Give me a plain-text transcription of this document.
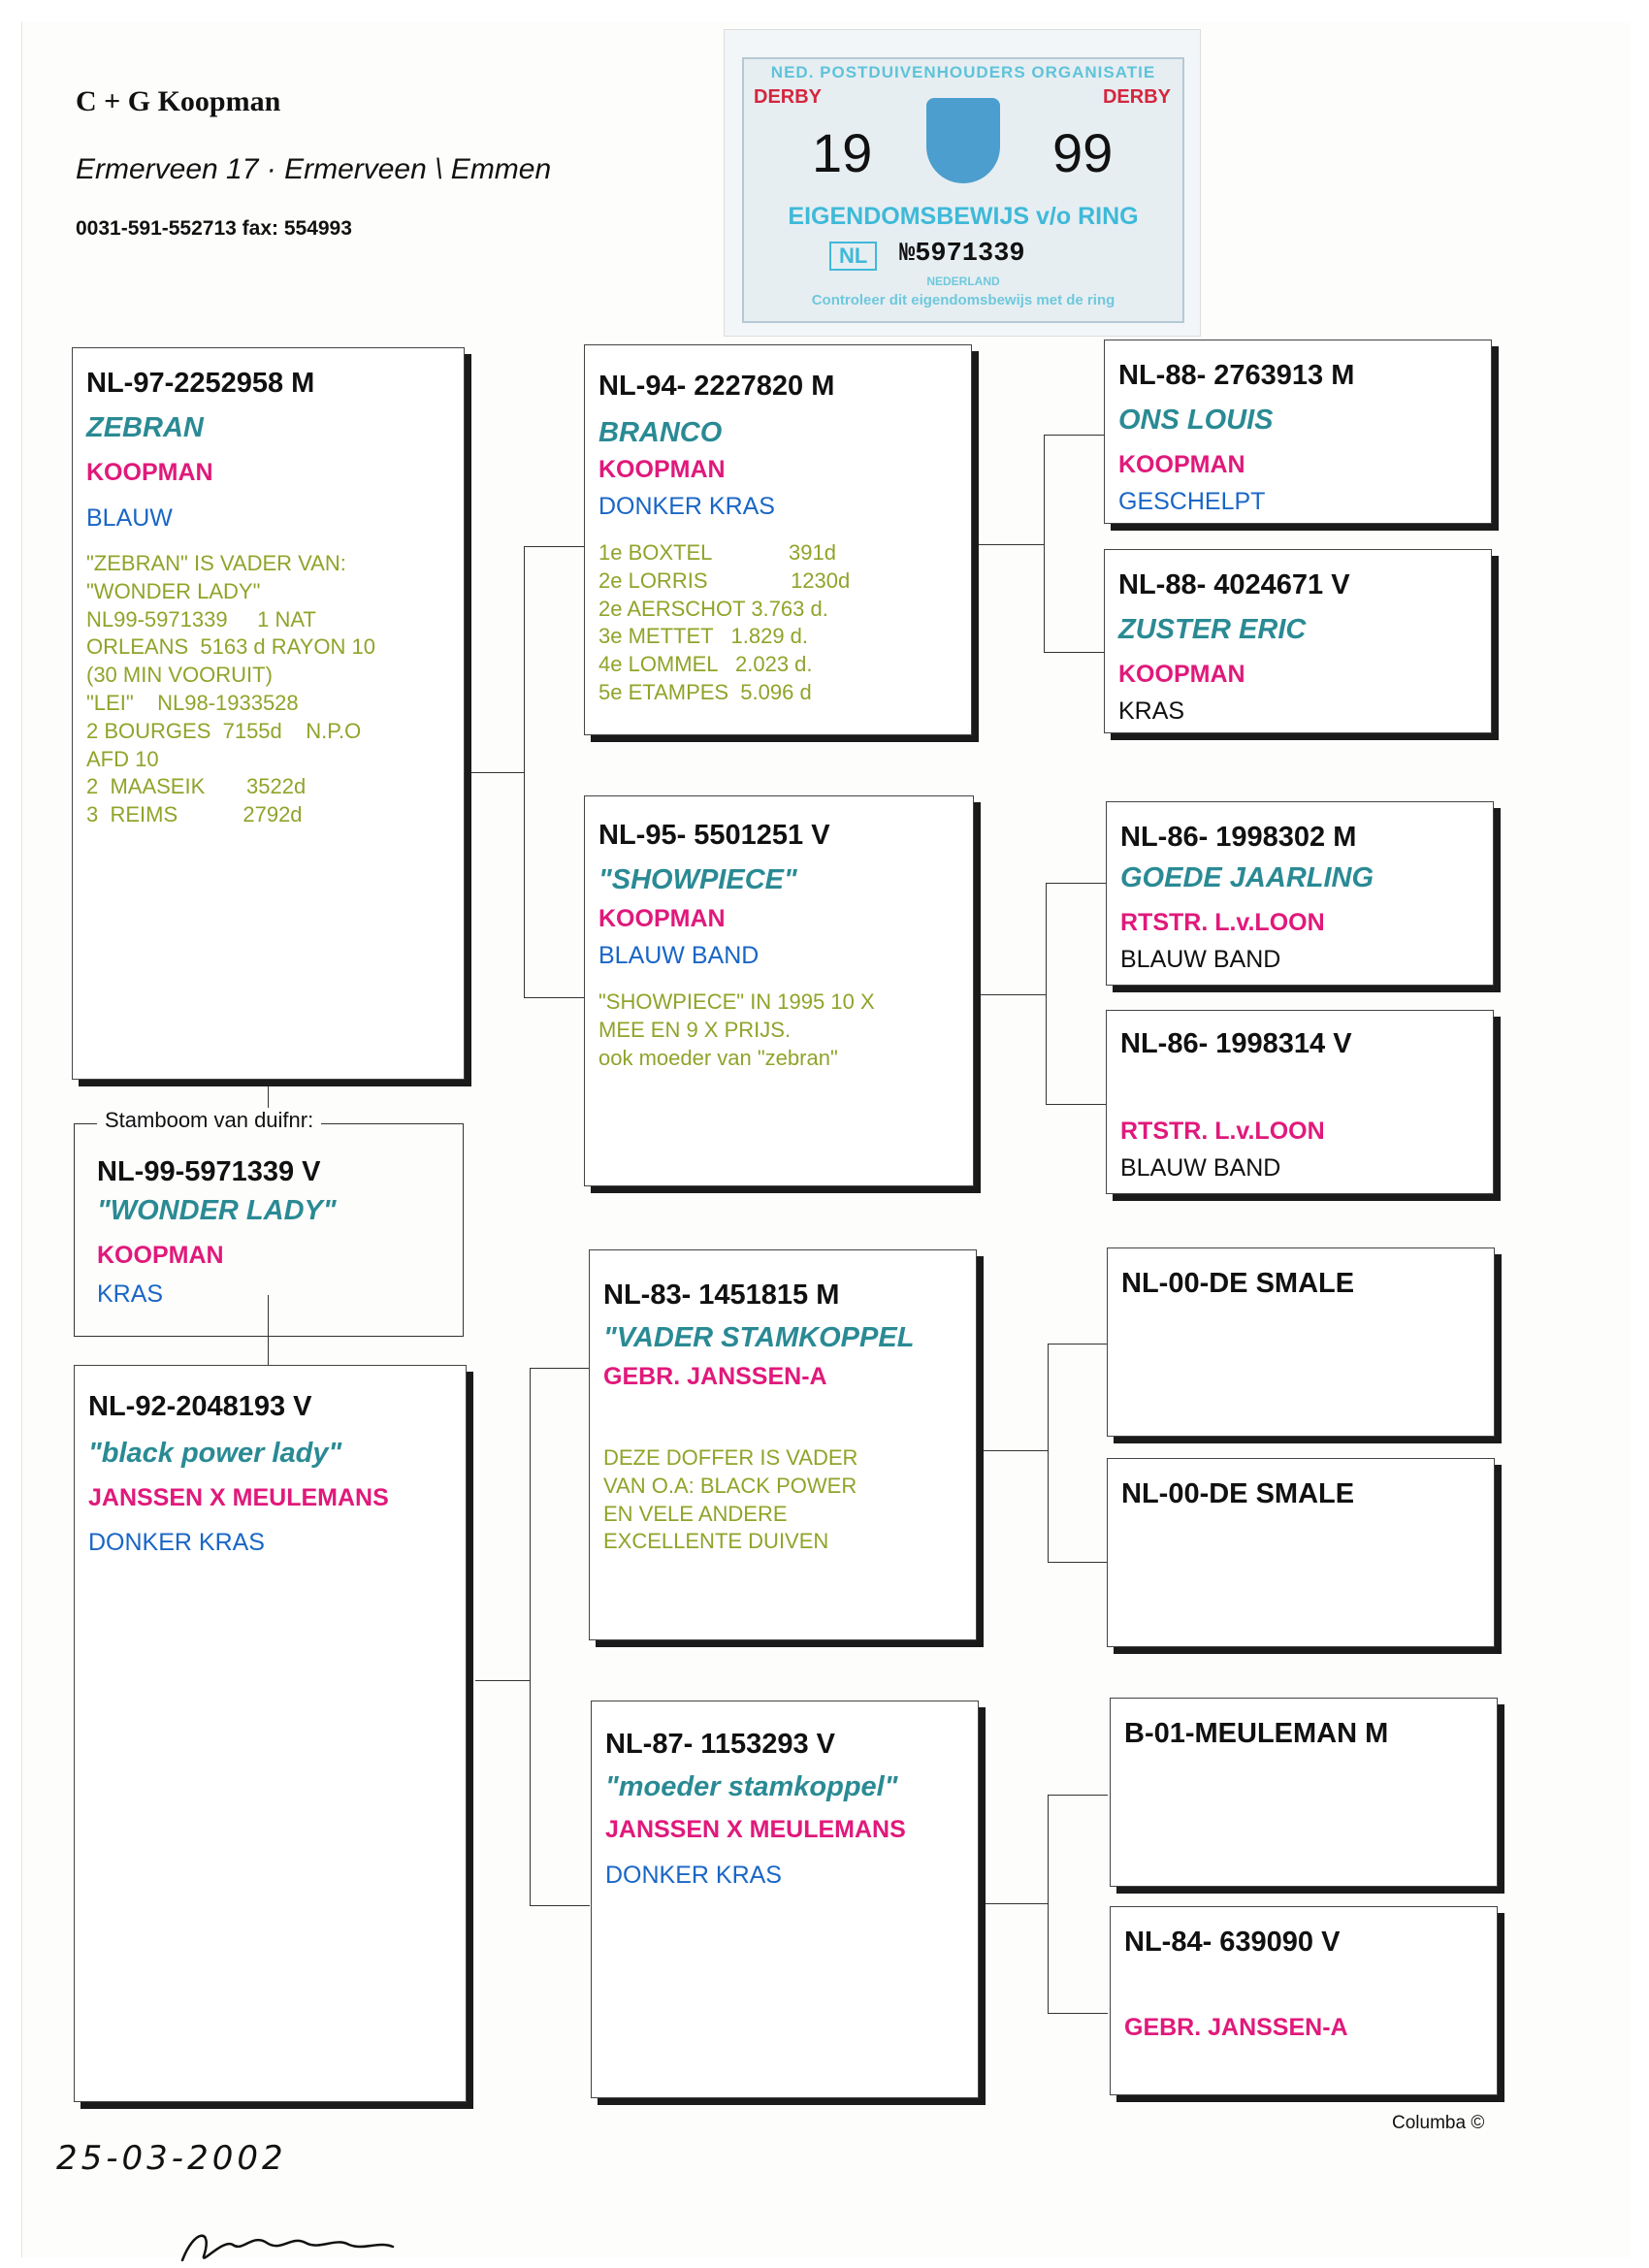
C + G Koopman
Ermerveen 17 · Ermerveen \ Emmen
0031-591-552713 fax: 554993
NED. POSTDUIVENHOUDERS ORGANISATIE
DERBY	DERBY
19	99
EIGENDOMSBEWIJS v/o RING
NL	№5971339
NEDERLAND
Controleer dit eigendomsbewijs met de ring
NL-97-2252958 M
ZEBRAN
KOOPMAN
BLAUW
"ZEBRAN" IS VADER VAN:
"WONDER LADY"
NL99-5971339     1 NAT
ORLEANS  5163 d RAYON 10
(30 MIN VOORUIT)
"LEI"    NL98-1933528
2 BOURGES  7155d    N.P.O
AFD 10
2  MAASEIK       3522d
3  REIMS           2792d
Stamboom van duifnr:
NL-99-5971339 V
"WONDER LADY"
KOOPMAN
KRAS
NL-92-2048193 V
"black power lady"
JANSSEN X MEULEMANS
DONKER KRAS
NL-94- 2227820 M
BRANCO
KOOPMAN
DONKER KRAS
1e BOXTEL             391d
2e LORRIS              1230d
2e AERSCHOT 3.763 d.
3e METTET   1.829 d.
4e LOMMEL   2.023 d.
5e ETAMPES  5.096 d
NL-95- 5501251 V
"SHOWPIECE"
KOOPMAN
BLAUW BAND
"SHOWPIECE" IN 1995 10 X
MEE EN 9 X PRIJS.
ook moeder van "zebran"
NL-83- 1451815 M
"VADER STAMKOPPEL
GEBR. JANSSEN-A
DEZE DOFFER IS VADER
VAN O.A: BLACK POWER
EN VELE ANDERE
EXCELLENTE DUIVEN
NL-87- 1153293 V
"moeder stamkoppel"
JANSSEN X MEULEMANS
DONKER KRAS
NL-88- 2763913 M
ONS LOUIS
KOOPMAN
GESCHELPT
NL-88- 4024671 V
ZUSTER ERIC
KOOPMAN
KRAS
NL-86- 1998302 M
GOEDE JAARLING
RTSTR. L.v.LOON
BLAUW BAND
NL-86- 1998314 V
RTSTR. L.v.LOON
BLAUW BAND
NL-00-DE SMALE
NL-00-DE SMALE
B-01-MEULEMAN M
NL-84- 639090 V
GEBR. JANSSEN-A
Columba ©
25-03-2002
